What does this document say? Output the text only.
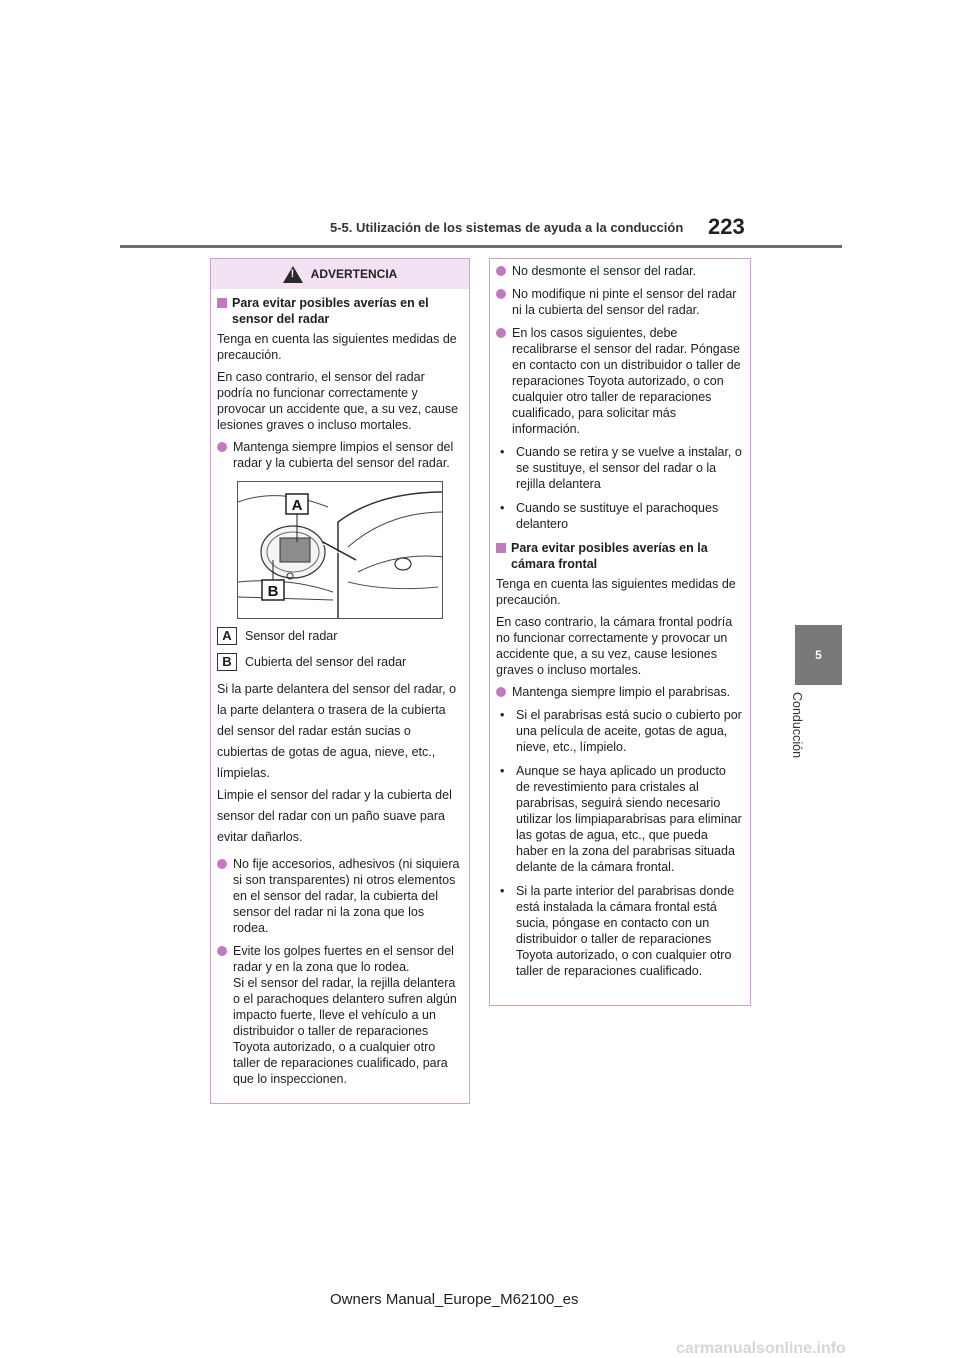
5-5. Utilización de los sistemas de ayuda a la conducción	223
5
Conducción
!
ADVERTENCIA
Para evitar posibles averías en el sensor del radar

Tenga en cuenta las siguientes medidas de precaución.

En caso contrario, el sensor del radar podría no funcionar correctamente y provocar un accidente que, a su vez, cause lesiones graves o incluso mortales.

Mantenga siempre limpios el sensor del radar y la cubierta del sensor del radar.
A
B
A	Sensor del radar
B	Cubierta del sensor del radar

Si la parte delantera del sensor del radar, o la parte delantera o trasera de la cubierta del sensor del radar están sucias o cubiertas de gotas de agua, nieve, etc., límpielas.

Limpie el sensor del radar y la cubierta del sensor del radar con un paño suave para evitar dañarlos.

No fije accesorios, adhesivos (ni siquiera si son transparentes) ni otros elementos en el sensor del radar, la cubierta del sensor del radar ni la zona que los rodea.
Evite los golpes fuertes en el sensor del radar y en la zona que lo rodea.
Si el sensor del radar, la rejilla delantera o el parachoques delantero sufren algún impacto fuerte, lleve el vehículo a un distribuidor o taller de reparaciones Toyota autorizado, o a cualquier otro taller de reparaciones cualificado, para que lo inspeccionen.
No desmonte el sensor del radar.
No modifique ni pinte el sensor del radar ni la cubierta del sensor del radar.
En los casos siguientes, debe recalibrarse el sensor del radar. Póngase en contacto con un distribuidor o taller de reparaciones Toyota autorizado, o con cualquier otro taller de reparaciones cualificado, para solicitar más información.
• Cuando se retira y se vuelve a instalar, o se sustituye, el sensor del radar o la rejilla delantera
• Cuando se sustituye el parachoques delantero
Para evitar posibles averías en la cámara frontal

Tenga en cuenta las siguientes medidas de precaución.

En caso contrario, la cámara frontal podría no funcionar correctamente y provocar un accidente que, a su vez, cause lesiones graves o incluso mortales.

Mantenga siempre limpio el parabrisas.
• Si el parabrisas está sucio o cubierto por una película de aceite, gotas de agua, nieve, etc., límpielo.
• Aunque se haya aplicado un producto de revestimiento para cristales al parabrisas, seguirá siendo necesario utilizar los limpiaparabrisas para eliminar las gotas de agua, etc., que pueda haber en la zona del parabrisas situada delante de la cámara frontal.
• Si la parte interior del parabrisas donde está instalada la cámara frontal está sucia, póngase en contacto con un distribuidor o taller de reparaciones Toyota autorizado, o con cualquier otro taller de reparaciones cualificado.
Owners Manual_Europe_M62100_es
carmanualsonline.info
